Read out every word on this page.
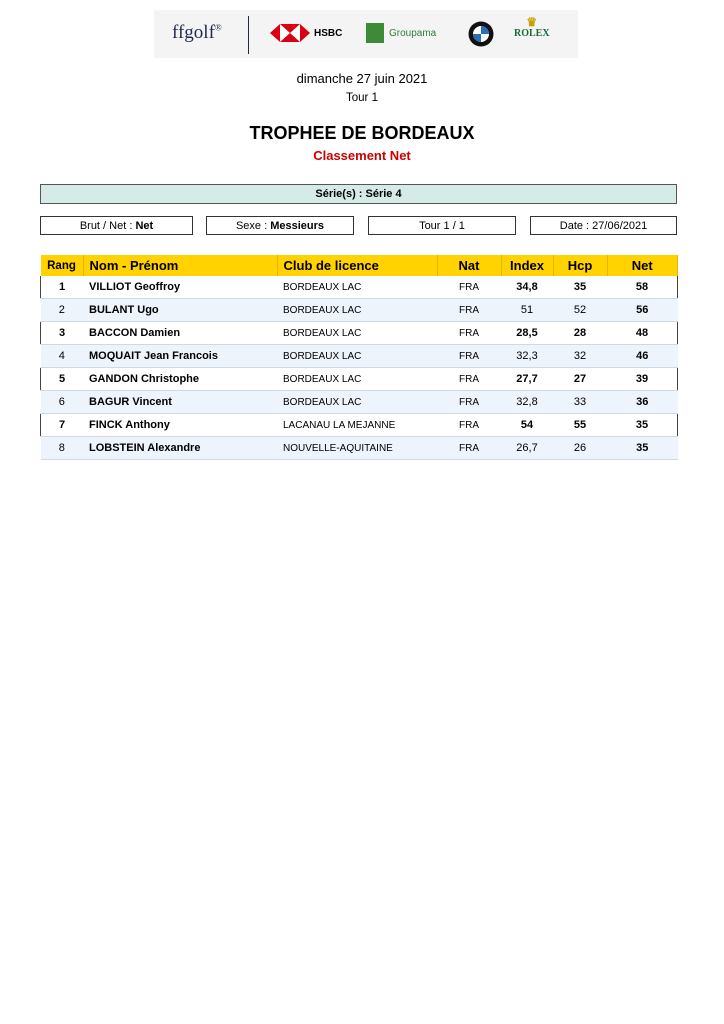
ffgolf®	HSBC	Groupama
♛
ROLEX
dimanche 27 juin 2021
Tour 1
TROPHEE DE BORDEAUX
Classement Net
Série(s) : Série 4
Brut / Net : Net	Sexe : Messieurs	Tour 1 / 1	Date : 27/06/2021
Rang	Nom - Prénom	Club de licence	Nat	Index	Hcp	Net
1	VILLIOT Geoffroy	BORDEAUX LAC	FRA	34,8	35	58
2	BULANT Ugo	BORDEAUX LAC	FRA	51	52	56
3	BACCON Damien	BORDEAUX LAC	FRA	28,5	28	48
4	MOQUAIT Jean Francois	BORDEAUX LAC	FRA	32,3	32	46
5	GANDON Christophe	BORDEAUX LAC	FRA	27,7	27	39
6	BAGUR Vincent	BORDEAUX LAC	FRA	32,8	33	36
7	FINCK Anthony	LACANAU LA MEJANNE	FRA	54	55	35
8	LOBSTEIN Alexandre	NOUVELLE-AQUITAINE	FRA	26,7	26	35
